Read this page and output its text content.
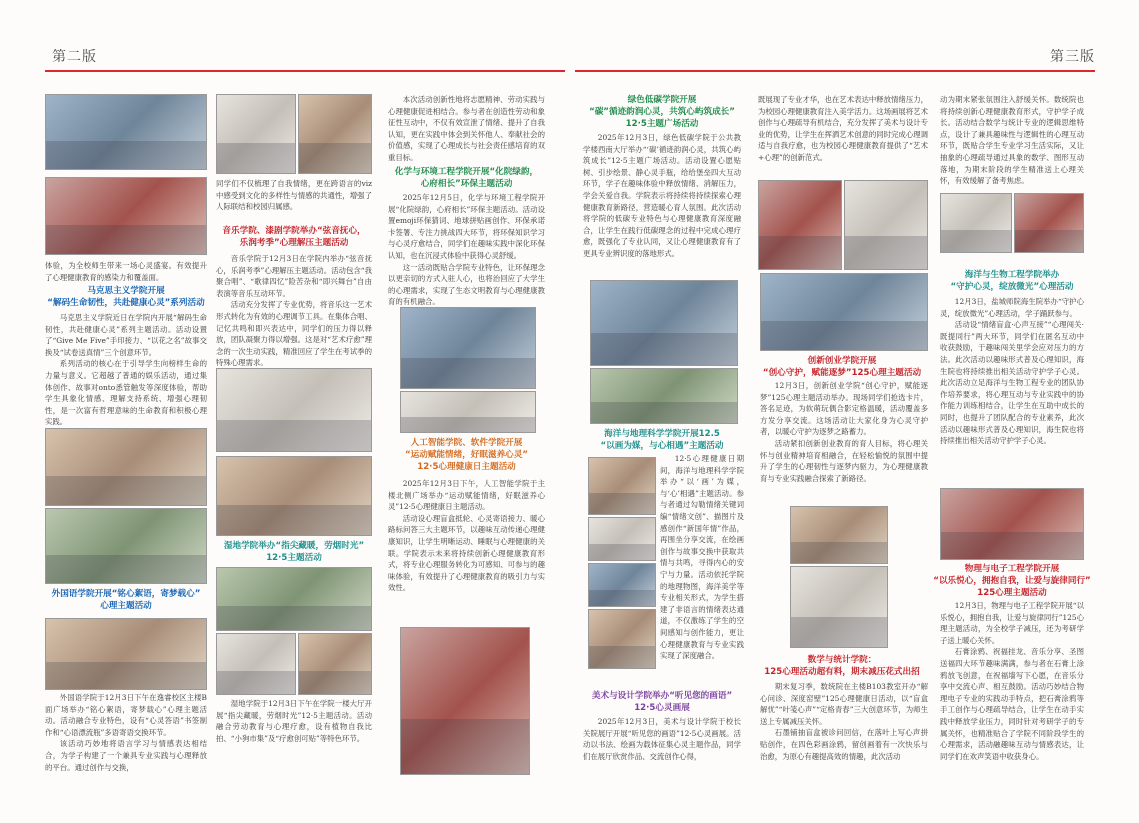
第二版	第三版

体验，为全校师生带来一场心灵盛宴。有效提升了心理健康教育的感染力和覆盖面。

马克思主义学院开展
“解码生命韧性，共赴健康心灵”系列活动

马克思主义学院近日在学院内开展“解码生命韧性，共赴健康心灵”系列主题活动。活动设置了“Give Me Five”手印接力、“以花之名”故事交换及“试卷送真情”三个创意环节。

系列活动的核心在于引导学生向榜样生命的力量与意义。它超越了普通的娱乐活动，通过集体创作、故事对onto悉管触发等深度体验，帮助学生具象化情感、理解支持系统、增强心理韧性，是一次富有哲理意味的生命教育和积极心理实践。

外国语学院开展“铭心絮语，寄梦载心”
心理主题活动

外国语学院于12月3日下午在逸睿校区主楼B面广场举办“铭心絮语，寄梦载心”心理主题活动。活动融合专业特色，设有“心灵答语”书签制作和“心语漂流瓶”多语寄语交换环节。

该活动巧妙地将语言学习与情感表达相结合，为学子构建了一个兼具专业实践与心理释放的平台。通过创作与交换，

同学们不仅梳理了自我情绪，更在跨语言的viz中感受到文化的多样性与情感的共通性，增强了人际联结和校园归属感。

音乐学院、漆剧学院举办“弦音抚心，
乐润考季”心理解压主题活动

音乐学院于12月3日在学院内举办“弦音抚心，乐润考季”心理解压主题活动。活动包含“我聚合唱”、“歌律四忆”险苦杂和“即兴舞台”自由表演等音乐互动环节。

活动充分发挥了专业优势，将音乐这一艺术形式转化为有效的心理调节工具。在集体合唱、记忆共鸣和即兴表达中，同学们的压力得以释放，团队凝聚力得以增强。这是对“艺术疗愈”理念的一次生动实践，精准回应了学生在考试季的特殊心理需求。

湿地学院举办“指尖藏暖，劳烟时光”
12·5主题活动

湿地学院于12月3日下午在学院一楼大厅开展“指尖藏暖，劳烟时光”12·5主题活动。活动融合劳动教育与心理疗愈，设有植物自我比拍、“小狗市集”及“疗愈创可贴”等特色环节。

本次活动创新性地将志愿精神、劳动实践与心理健康促进相结合。参与者在创造性劳动和象征性互动中，不仅有效宣泄了情绪、提升了自我认知，更在实践中体会到关怀他人、奉献社会的价值感，实现了心理成长与社会责任感培育的双重目标。

化学与环境工程学院开展“化院绿韵，
心府相长”环保主题活动

2025年12月5日，化学与环境工程学院开展“化院绿韵，心府相长”环保主题活动。活动设置emoji环保猜词、地球拼贴画创作、环保承诺卡签署、专注力挑战四大环节，将环保知识学习与心灵疗愈结合，同学们在趣味实践中深化环保认知，也在沉浸式体验中获得心灵舒缓。

这一活动既贴合学院专业特色，让环保理念以更亲切的方式入驻人心，也将治回应了大学生的心理需求，实现了生态文明教育与心理健康教育的有机融合。

人工智能学院、软件学院开展
“运动赋能情绪，好眠滋养心灵”
12·5心理健康日主题活动

2025年12月3日下午，人工智能学院于主楼北侧广场举办“运动赋能情绪，好眠滋养心灵”12·5心理健康日主题活动。

活动设心理盲盒抵轮、心灵寄语接力、暖心路标问答三大主题环节，以趣味互动传递心理健康知识，让学生明晰运动、睡眠与心理健康的关联。学院表示未来将持续创新心理健康教育形式，将专业心理服务转化为可感知、可参与的趣味体验，有效提升了心理健康教育的吸引力与实效性。

绿色低碳学院开展
“碳”循迹韵润心灵，共筑心屿筑成长”
12·5主题广场活动

2025年12月3日，绿色低碳学院于公共教学楼西南大厅举办“‘碳’循迹韵润心灵，共筑心屿筑成长”12·5主题广场活动。活动设置心愿贴树、引步绘景、静心灵手瓶，给给堡垒四大互动环节，学子在趣味体验中释放情绪、消解压力，学会关爱自我。学院表示将持续将持续探索心理健康教育新路径，营造暖心育人氛围。此次活动将学院的低碳专业特色与心理健康教育深度融合，让学生在践行低碳理念的过程中完成心理疗愈，既强化了专业认同，又让心理健康教育有了更具专业辨识度的落地形式。

海洋与地理科学学院开展12.5
“以画为媒，与心相遇”主题活动

12·5心理健康日期间，海洋与地理科学学院举办“以‘画’为媒，与‘心’相遇”主题活动。参与者通过勾勒情绪关键词编“情绪文创”、描图片及感创作“新国年情”作品，再围坐分享交流，在绘画创作与故事交换中获取共情与共鸣，寻得内心的安宁与力量。活动依托学院的地理物图，海洋美学等专业相关形式，为学生搭建了非语言的情绪表达通道，不仅激练了学生的空间感知与创作能力，更让心理健康教育与专业实践实现了深度融合。

美术与设计学院举办“听见您的画语”
12·5心灵画展

2025年12月3日，美术与设计学院于校长关院展厅开展“听见您的画语”12·5心灵画展。活动以书法、绘画为载体征集心灵主题作品，同学们在展厅欣赏作品、交流创作心得，

既展现了专业才华，也在艺术表达中释放情绪压力，为校园心理健康教育注入美学活力。这场画展将艺术创作与心理疏导有机结合，充分发挥了美术与设计专业的优势，让学生在挥洒艺术创意的同时完成心理调适与自我疗愈，也为校园心理健康教育提供了“艺术+心理”的创新范式。

创新创业学院开展
“创心守护，赋能逐梦”125心理主题活动

12月3日，创新创业学院“创心守护，赋能逐梦”125心理主题活动举办。现场同学们抢选卡片，答名足迹，为软萌玩偶合影定格温暖，活动覆盖多方发分享交流。这场活动让大家化身为心灵守护者，以暖心守护为逐梦之路蓄力。

活动紧扣创新创业教育的育人目标，将心理关怀与创业精神培育相融合，在轻松愉悦的氛围中提升了学生的心理韧性与逐梦内驱力，为心理健康教育与专业实践融合探索了新路径。

数学与统计学院：
125心理活动超有料，期末减压花式出招

期末复习季，数统院在主楼B103教室开办“解心问诊、深度窑壁”125心理健康日活动，以“盲盒解忧”“叶笺心声”“定格青春”三大创意环节，为师生送上专属减压关怀。

石墨铺抽盲盒被诊问回信，在落叶上写心声拼贴创作，在四色彩画涂鸦，留创画着有一次快乐与治愈，为原心有趣提高效的情趣，此次活动

动为期末紧张氛围注入舒缓关怀。数统院也将持续创新心理健康教育形式，守护学子成长。活动结合数学与统计专业的逻辑思维特点，设计了兼具趣味性与逻辑性的心理互动环节，既贴合学生专业学习生活实际，又让抽象的心理疏导通过具象的数学、图形互动落地，为期末阶段的学生精准送上心理关怀，有效缓解了备考焦虑。

海洋与生物工程学院举办
“守护心灵，绽放微光”心理活动

12月3日，盐城师院海生院举办“守护心灵，绽放微光”心理活动，学子踊跃参与。

活动设“情绪盲盒·心声互接”“心理闯关·既提同行”两大环节，同学们在匿名互动中收获鼓励，于趣味闯关里学会应对压力的方法。此次活动以趣味形式普及心理知识，海生院也将持续推出相关活动守护学子心灵。此次活动立足海洋与生物工程专业的团队协作培养要求，将心理互动与专业实践中的协作能力训练相结合，让学生在互助中成长的同时，也提升了团队配合的专业素养，此次活动以趣味形式普及心理知识，海生院也将持续推出相关活动守护学子心灵。

物理与电子工程学院开展
“以乐悦心，拥抱自我，让爱与旋律同行”
125心理主题活动

12月3日，物理与电子工程学院开展“以乐悦心，拥抱自我，让爱与旋律同行”125心理主题活动，为全校学子减压，还为考研学子送上暖心关怀。

石膏涂鸦、祝福挂龙、音乐分享、圣图送福四大环节趣味满满，参与者在石膏上涂鸦放飞创意，在祝福墙写下心愿，在音乐分享中交流心声、相互鼓励。活动巧妙结合物理电子专业的实践动手特点，把石膏涂鸦等手工创作与心理疏导结合，让学生在动手实践中释放学业压力，同时针对考研学子的专属关怀，也精准贴合了学院不同阶段学生的心理需求，活动融趣味互动与情感表达，让同学们在欢声笑语中收获身心。
